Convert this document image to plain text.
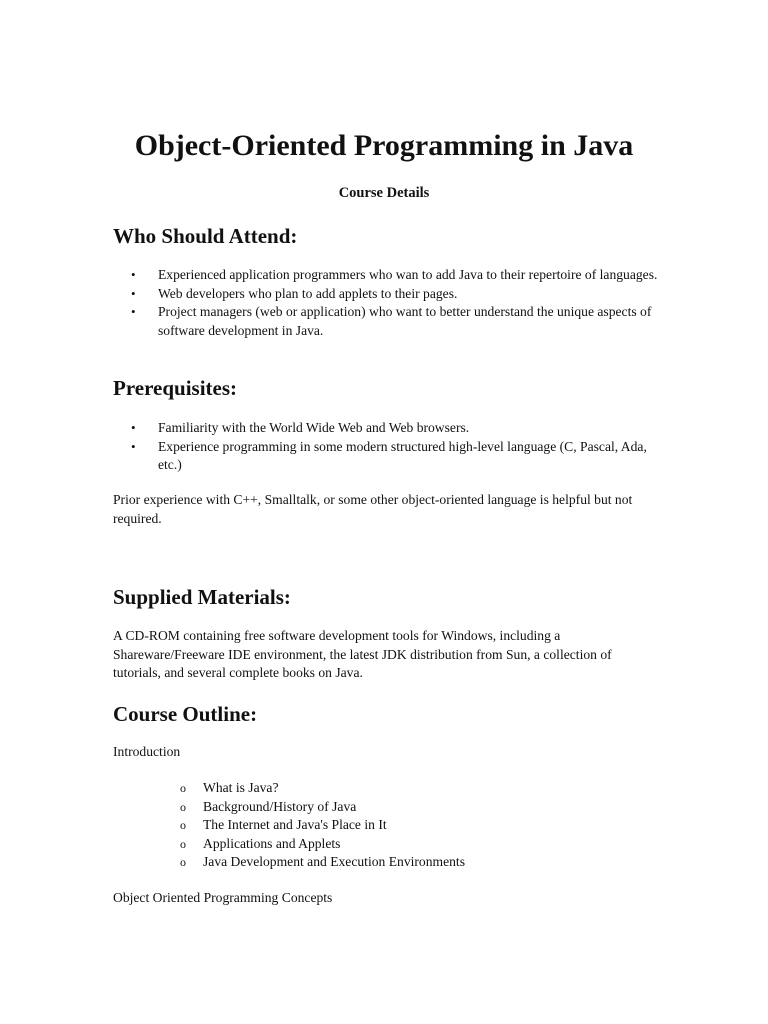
Object-Oriented Programming in Java
Course Details
Who Should Attend:
• Experienced application programmers who wan to add Java to their repertoire of languages.
• Web developers who plan to add applets to their pages.
• Project managers (web or application) who want to better understand the unique aspects of software development in Java.
Prerequisites:
• Familiarity with the World Wide Web and Web browsers.
• Experience programming in some modern structured high-level language (C, Pascal, Ada, etc.)

Prior experience with C++, Smalltalk, or some other object-oriented language is helpful but not required.

Supplied Materials:

A CD-ROM containing free software development tools for Windows, including a Shareware/Freeware IDE environment, the latest JDK distribution from Sun, a collection of tutorials, and several complete books on Java.

Course Outline:

Introduction

o What is Java?
o Background/History of Java
o The Internet and Java's Place in It
o Applications and Applets
o Java Development and Execution Environments

Object Oriented Programming Concepts
